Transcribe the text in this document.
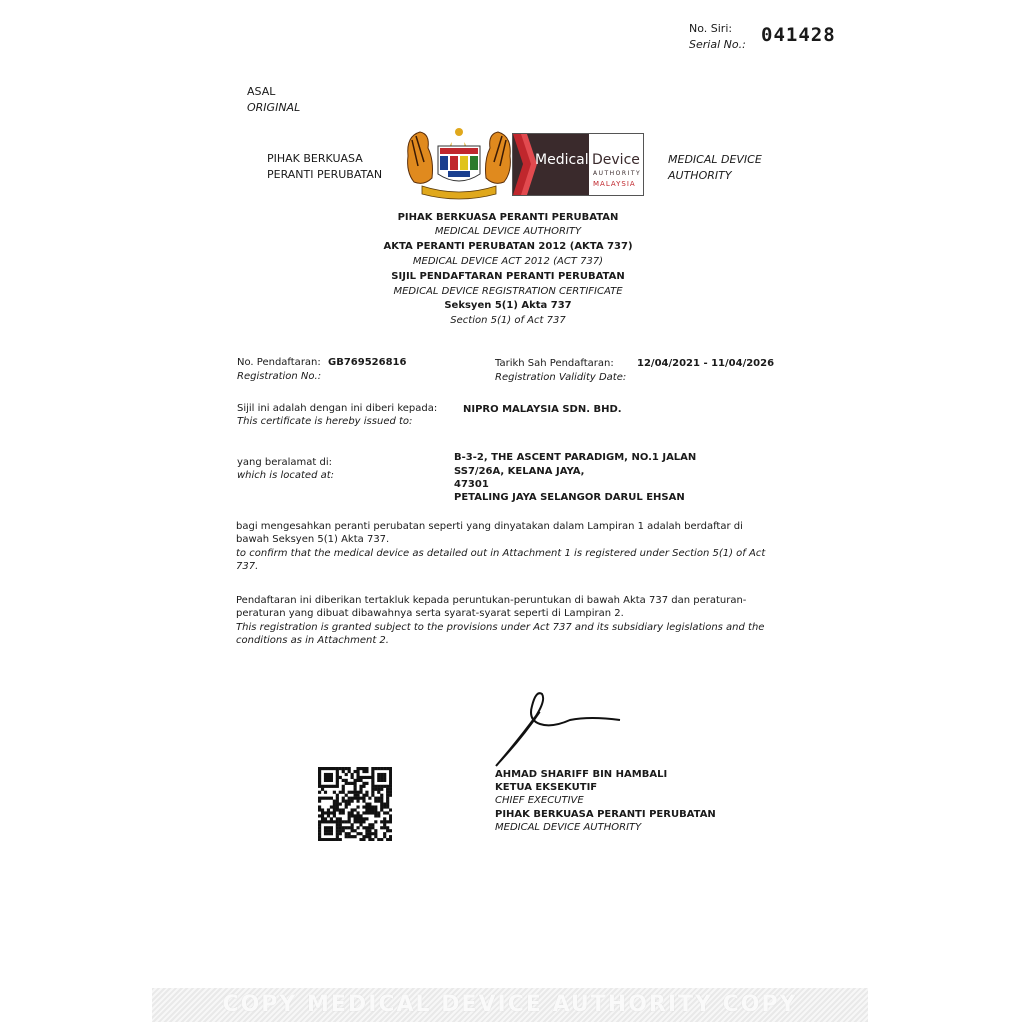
No. Siri:
Serial No.: 041428
ASAL
ORIGINAL
PIHAK BERKUASA
PERANTI PERUBATAN
Medical Device
AUTHORITY
MALAYSIA
MEDICAL DEVICE
AUTHORITY
PIHAK BERKUASA PERANTI PERUBATAN
MEDICAL DEVICE AUTHORITY
AKTA PERANTI PERUBATAN 2012 (AKTA 737)
MEDICAL DEVICE ACT 2012 (ACT 737)
SIJIL PENDAFTARAN PERANTI PERUBATAN
MEDICAL DEVICE REGISTRATION CERTIFICATE
Seksyen 5(1) Akta 737
Section 5(1) of Act 737
No. Pendaftaran:
Registration No.:
GB769526816	Tarikh Sah Pendaftaran:
Registration Validity Date:
12/04/2021 - 11/04/2026
Sijil ini adalah dengan ini diberi kepada:
This certificate is hereby issued to:
NIPRO MALAYSIA SDN. BHD.
yang beralamat di:
which is located at:
B-3-2, THE ASCENT PARADIGM, NO.1 JALAN
SS7/26A, KELANA JAYA,
47301
PETALING JAYA SELANGOR DARUL EHSAN
bagi mengesahkan peranti perubatan seperti yang dinyatakan dalam Lampiran 1 adalah berdaftar di
bawah Seksyen 5(1) Akta 737.
to confirm that the medical device as detailed out in Attachment 1 is registered under Section 5(1) of Act
737.
Pendaftaran ini diberikan tertakluk kepada peruntukan-peruntukan di bawah Akta 737 dan peraturan-
peraturan yang dibuat dibawahnya serta syarat-syarat seperti di Lampiran 2.
This registration is granted subject to the provisions under Act 737 and its subsidiary legislations and the
conditions as in Attachment 2.
AHMAD SHARIFF BIN HAMBALI
KETUA EKSEKUTIF
CHIEF EXECUTIVE
PIHAK BERKUASA PERANTI PERUBATAN
MEDICAL DEVICE AUTHORITY
COPY MEDICAL DEVICE AUTHORITY COPY
